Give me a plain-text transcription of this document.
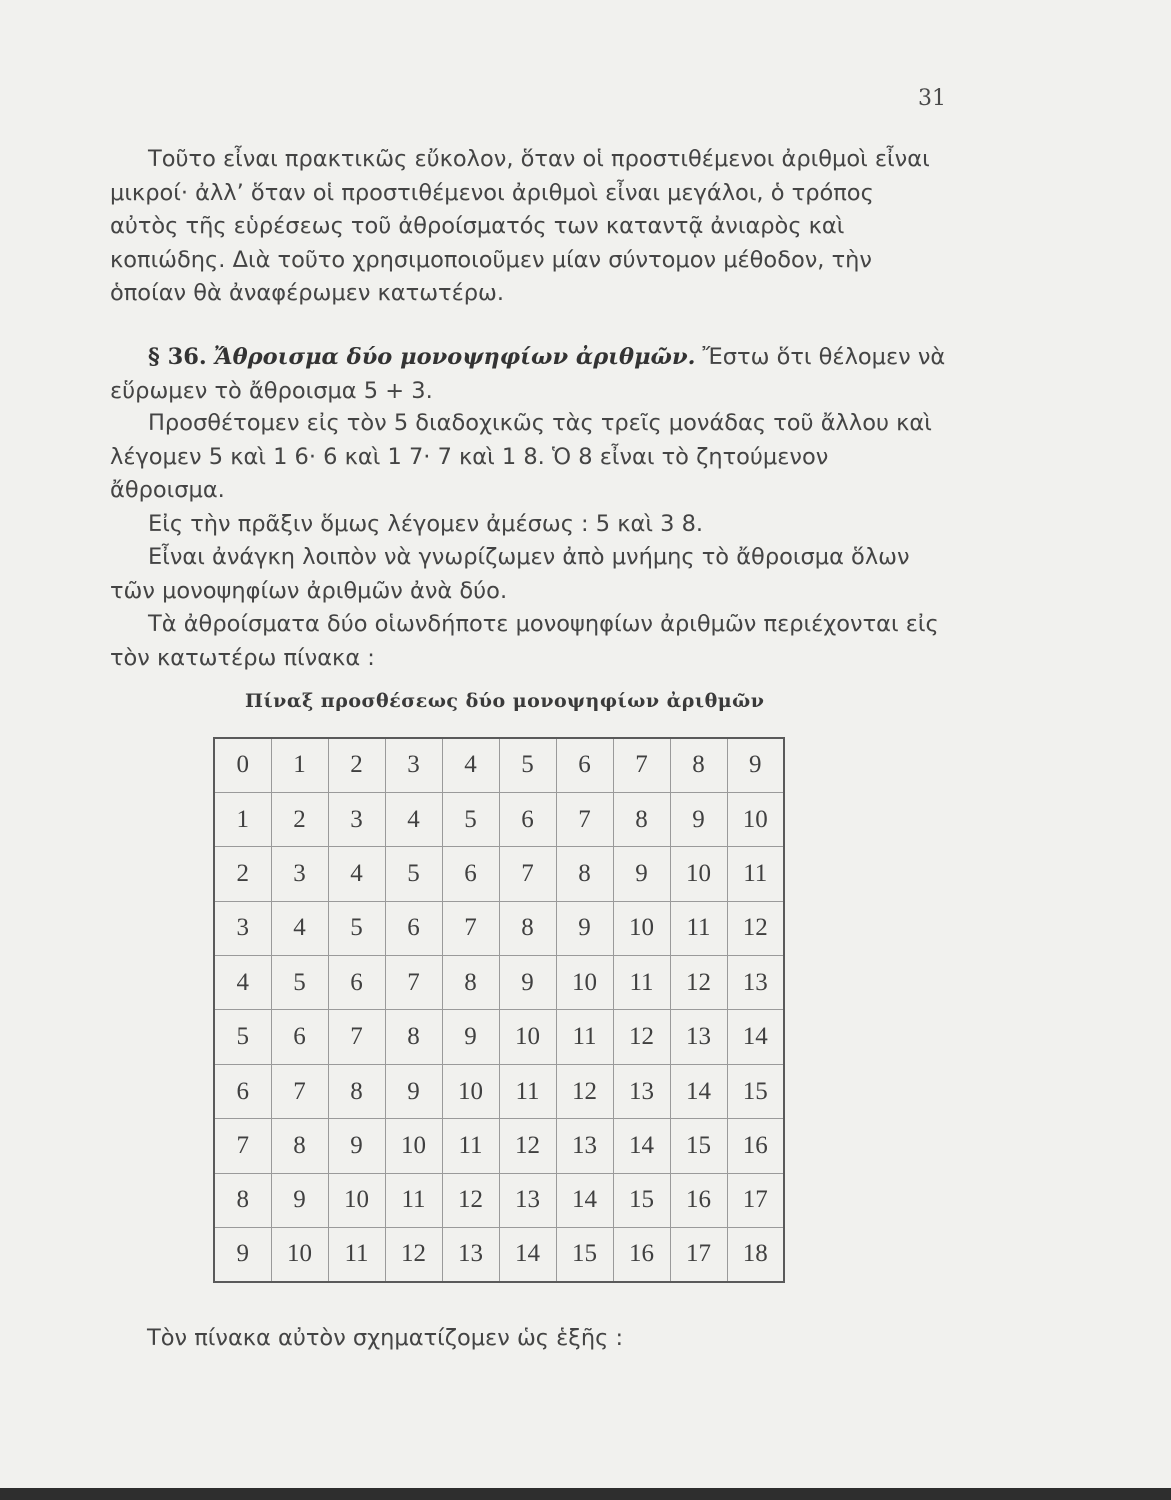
31

Τοῦτο εἶναι πρακτικῶς εὔκολον, ὅταν οἱ προστιθέμενοι ἀριθμοὶ εἶναι μικροί· ἀλλ’ ὅταν οἱ προστιθέμενοι ἀριθμοὶ εἶναι μεγάλοι, ὁ τρόπος αὐτὸς τῆς εὑρέσεως τοῦ ἀθροίσματός των καταντᾷ ἀνιαρὸς καὶ κοπιώδης. Διὰ τοῦτο χρησιμοποιοῦμεν μίαν σύντομον μέθοδον, τὴν ὁποίαν θὰ ἀναφέρωμεν κατωτέρω.

§ 36. Ἄθροισμα δύο μονοψηφίων ἀριθμῶν. Ἔστω ὅτι θέλομεν νὰ εὕρωμεν τὸ ἄθροισμα 5 + 3.

Προσθέτομεν εἰς τὸν 5 διαδοχικῶς τὰς τρεῖς μονάδας τοῦ ἄλλου καὶ λέγομεν 5 καὶ 1 6· 6 καὶ 1 7· 7 καὶ 1 8. Ὁ 8 εἶναι τὸ ζητούμενον ἄθροισμα.

Εἰς τὴν πρᾶξιν ὅμως λέγομεν ἀμέσως : 5 καὶ 3 8.

Εἶναι ἀνάγκη λοιπὸν νὰ γνωρίζωμεν ἀπὸ μνήμης τὸ ἄθροισμα ὅλων τῶν μονοψηφίων ἀριθμῶν ἀνὰ δύο.

Τὰ ἀθροίσματα δύο οἱωνδήποτε μονοψηφίων ἀριθμῶν περιέχονται εἰς τὸν κατωτέρω πίνακα :

Πίναξ προσθέσεως δύο μονοψηφίων ἀριθμῶν
0	1	2	3	4	5	6	7	8	9
1	2	3	4	5	6	7	8	9	10
2	3	4	5	6	7	8	9	10	11
3	4	5	6	7	8	9	10	11	12
4	5	6	7	8	9	10	11	12	13
5	6	7	8	9	10	11	12	13	14
6	7	8	9	10	11	12	13	14	15
7	8	9	10	11	12	13	14	15	16
8	9	10	11	12	13	14	15	16	17
9	10	11	12	13	14	15	16	17	18
Τὸν πίνακα αὐτὸν σχηματίζομεν ὡς ἑξῆς :
